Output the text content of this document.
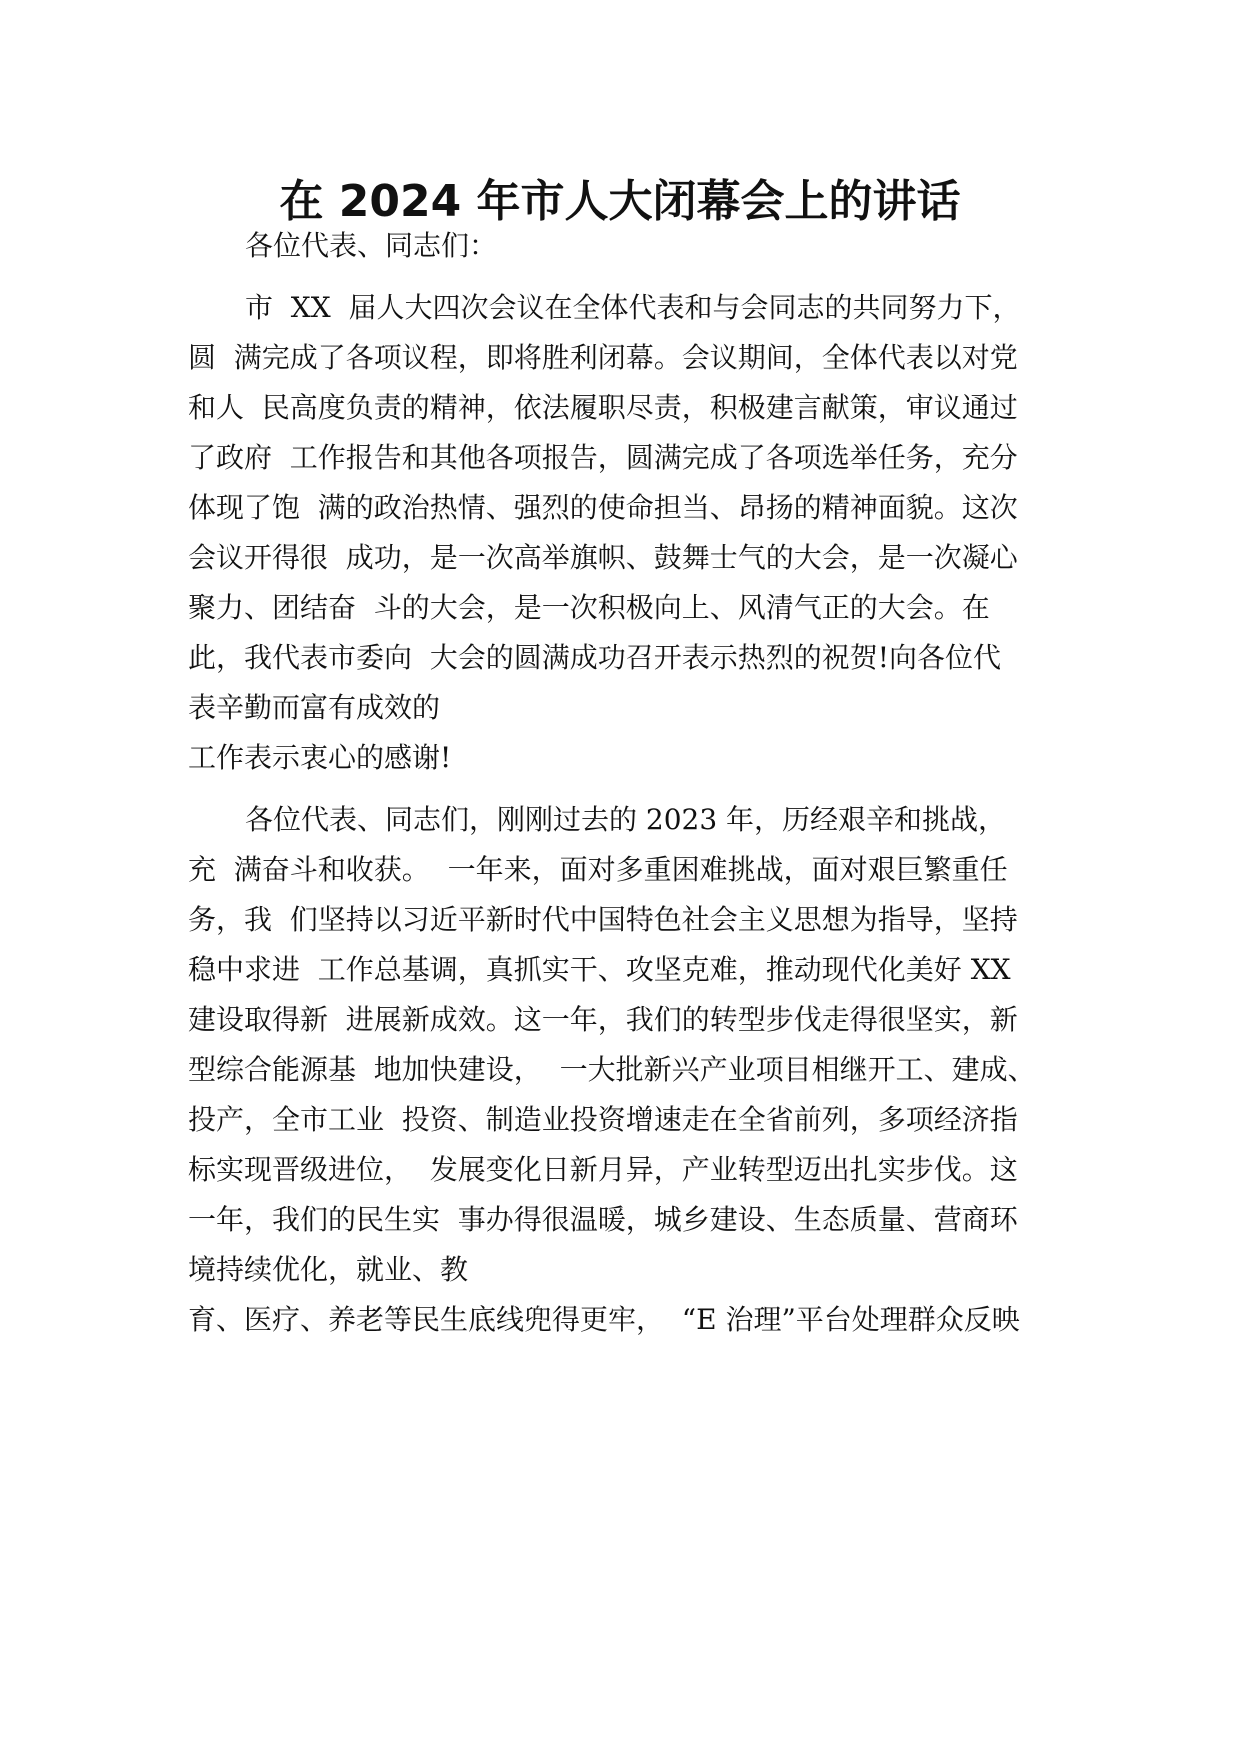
在 2024 年市人大闭幕会上的讲话
各位代表、同志们：
市  XX  届人大四次会议在全体代表和与会同志的共同努力下，
圆  满完成了各项议程，即将胜利闭幕。会议期间，全体代表以对党
和人  民高度负责的精神，依法履职尽责，积极建言献策，审议通过
了政府  工作报告和其他各项报告，圆满完成了各项选举任务，充分
体现了饱  满的政治热情、强烈的使命担当、昂扬的精神面貌。这次
会议开得很  成功，是一次高举旗帜、鼓舞士气的大会，是一次凝心
聚力、团结奋  斗的大会，是一次积极向上、风清气正的大会。在
此，我代表市委向  大会的圆满成功召开表示热烈的祝贺!向各位代
表辛勤而富有成效的
工作表示衷心的感谢!
各位代表、同志们，刚刚过去的 2023 年，历经艰辛和挑战，
充  满奋斗和收获。  一年来，面对多重困难挑战，面对艰巨繁重任
务，我  们坚持以习近平新时代中国特色社会主义思想为指导，坚持
稳中求进  工作总基调，真抓实干、攻坚克难，推动现代化美好 XX
建设取得新  进展新成效。这一年，我们的转型步伐走得很坚实，新
型综合能源基  地加快建设，  一大批新兴产业项目相继开工、建成、
投产，全市工业  投资、制造业投资增速走在全省前列，多项经济指
标实现晋级进位，  发展变化日新月异，产业转型迈出扎实步伐。这
一年，我们的民生实  事办得很温暖，城乡建设、生态质量、营商环
境持续优化，就业、教
育、医疗、养老等民生底线兜得更牢，  “E 治理”平台处理群众反映
